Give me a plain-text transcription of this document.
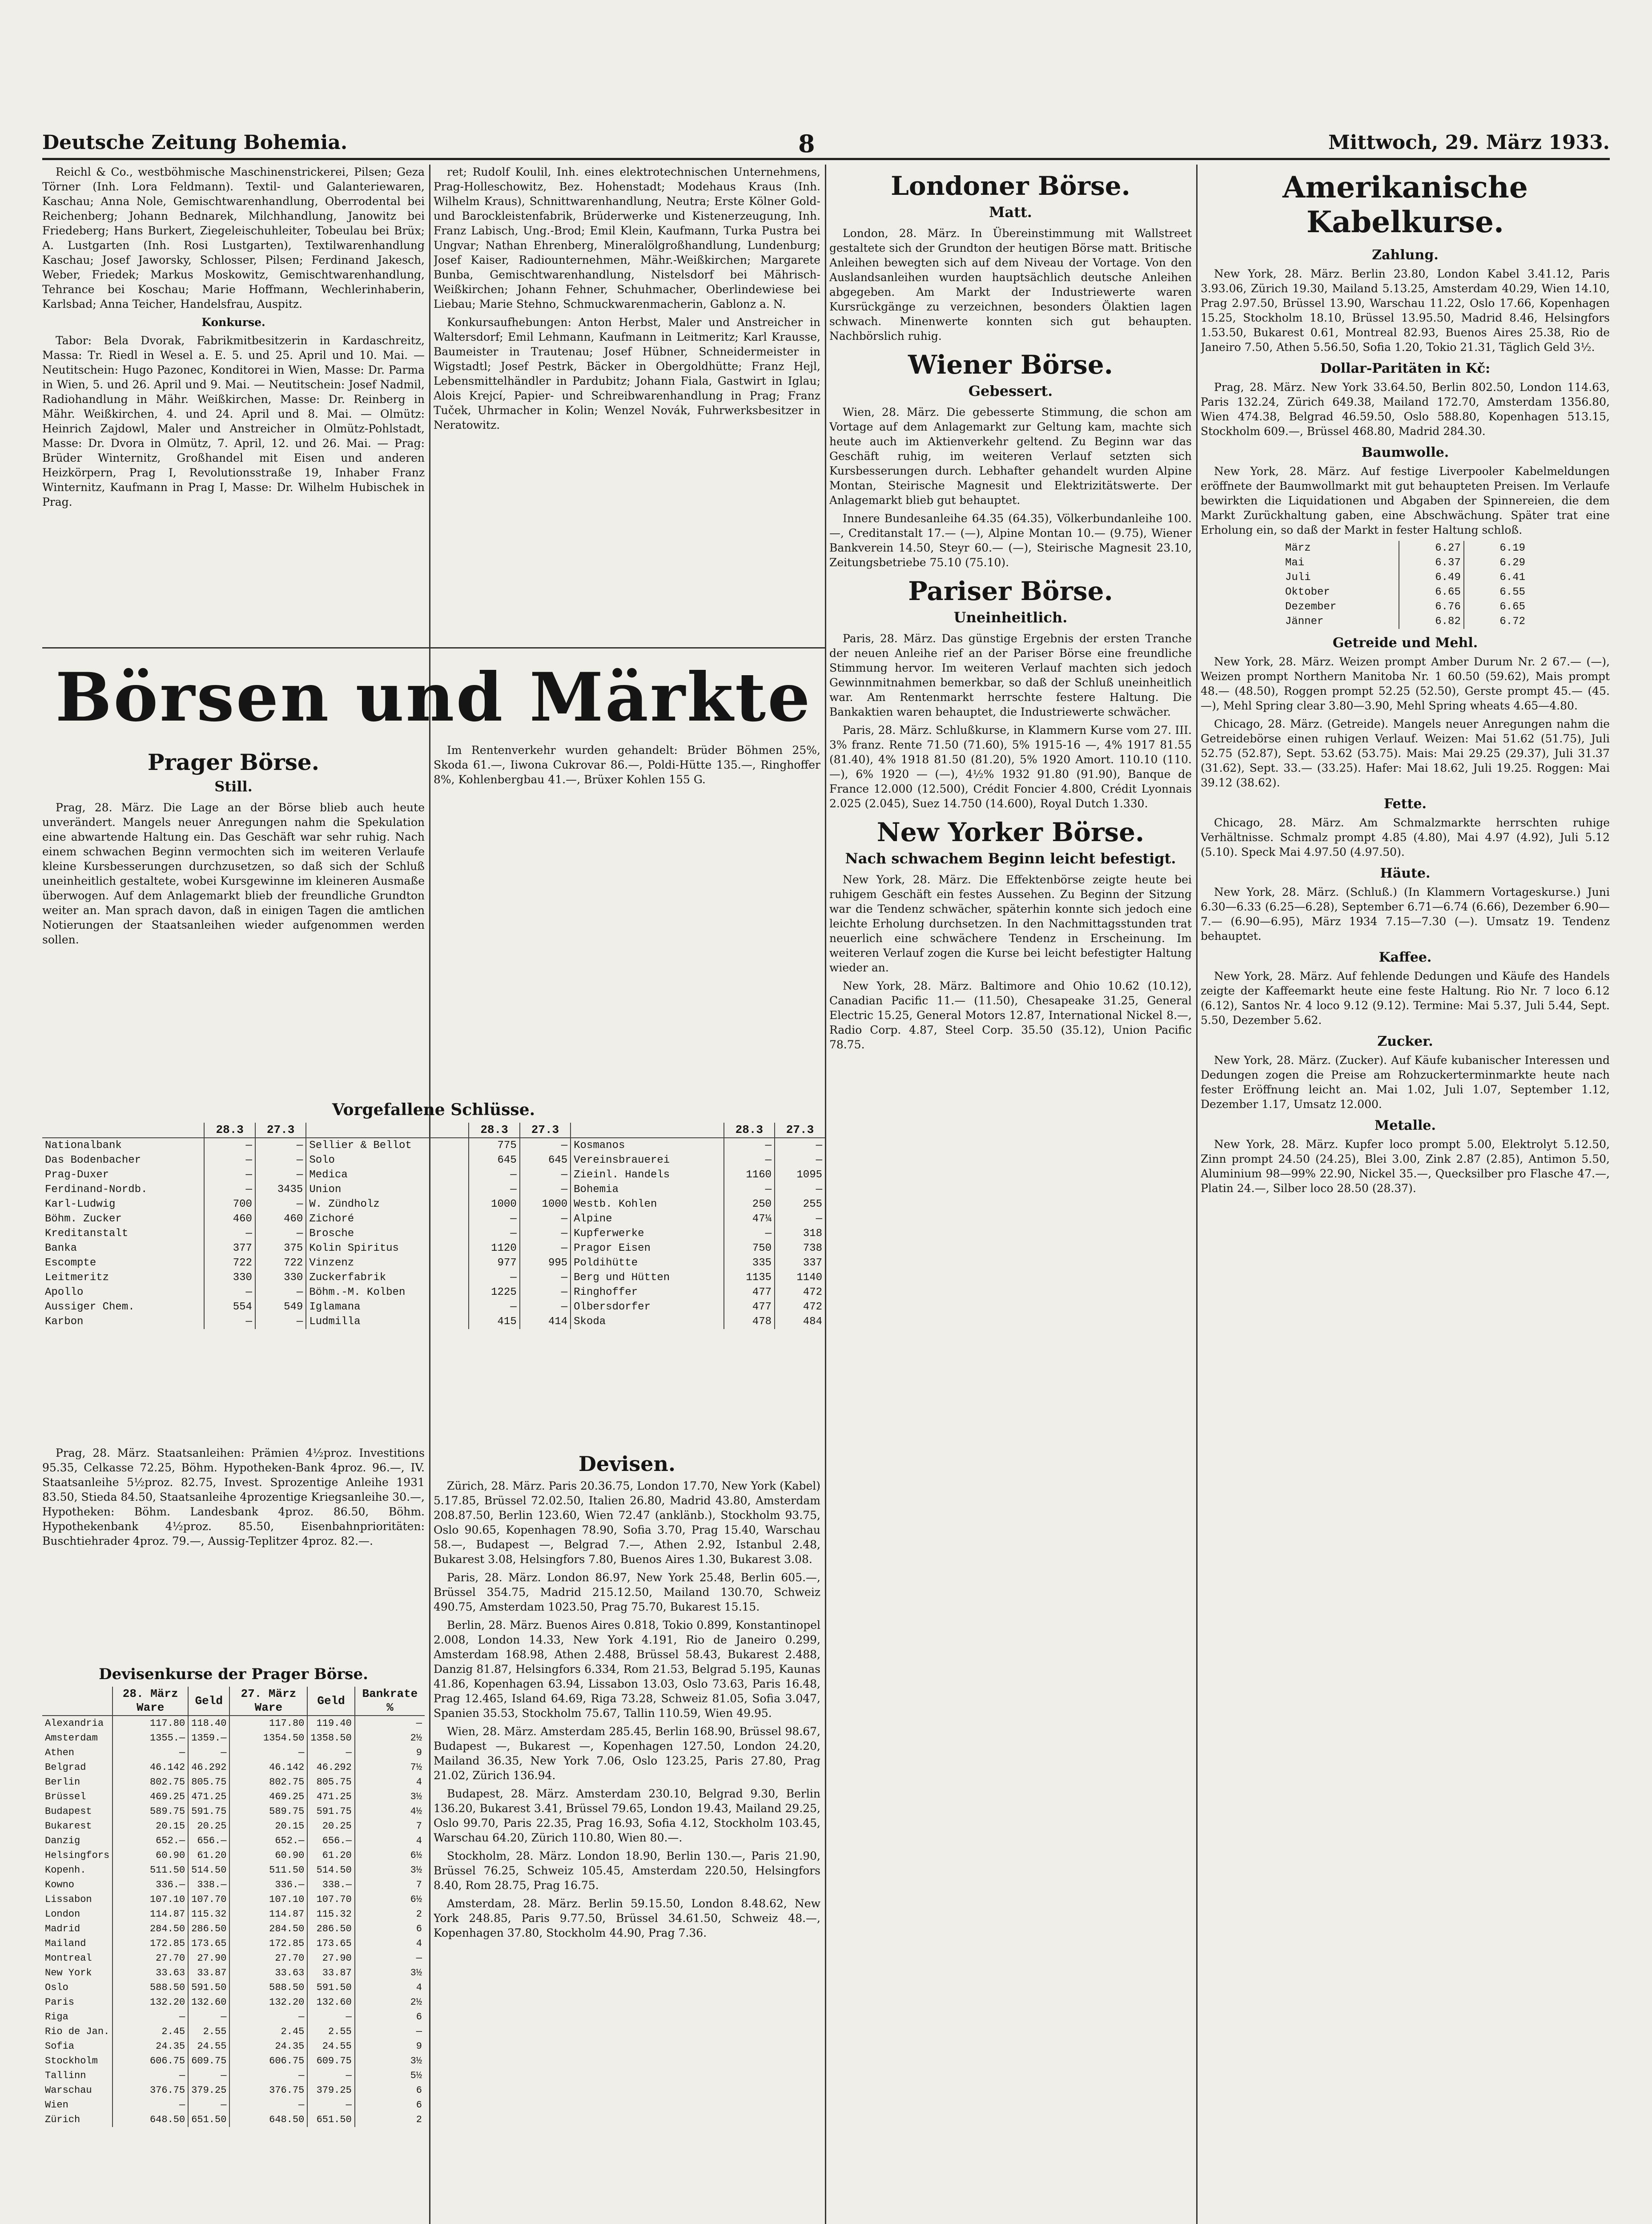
Deutsche Zeitung Bohemia.	8	Mittwoch, 29. März 1933.

Reichl & Co., westböhmische Maschinenstrickerei, Pilsen; Geza Törner (Inh. Lora Feldmann). Textil- und Galanteriewaren, Kaschau; Anna Nole, Gemischtwarenhandlung, Oberrodental bei Reichenberg; Johann Bednarek, Milchhandlung, Janowitz bei Friedeberg; Hans Burkert, Ziegeleischuhleiter, Tobeulau bei Brüx; A. Lustgarten (Inh. Rosi Lustgarten), Textilwarenhandlung Kaschau; Josef Jaworsky, Schlosser, Pilsen; Ferdinand Jakesch, Weber, Friedek; Markus Moskowitz, Gemischtwarenhandlung, Tehrance bei Koschau; Marie Hoffmann, Wechlerinhaberin, Karlsbad; Anna Teicher, Handelsfrau, Auspitz.

Konkurse.

Tabor: Bela Dvorak, Fabrikmitbesitzerin in Kardaschreitz, Massa: Tr. Riedl in Wesel a. E. 5. und 25. April und 10. Mai. — Neutitschein: Hugo Pazonec, Konditorei in Wien, Masse: Dr. Parma in Wien, 5. und 26. April und 9. Mai. — Neutitschein: Josef Nadmil, Radiohandlung in Mähr. Weißkirchen, Masse: Dr. Reinberg in Mähr. Weißkirchen, 4. und 24. April und 8. Mai. — Olmütz: Heinrich Zajdowl, Maler und Anstreicher in Olmütz-Pohlstadt, Masse: Dr. Dvora in Olmütz, 7. April, 12. und 26. Mai. — Prag: Brüder Winternitz, Großhandel mit Eisen und anderen Heizkörpern, Prag I, Revolutionsstraße 19, Inhaber Franz Winternitz, Kaufmann in Prag I, Masse: Dr. Wilhelm Hubischek in Prag.

ret; Rudolf Koulil, Inh. eines elektrotechnischen Unternehmens, Prag-Holleschowitz, Bez. Hohenstadt; Modehaus Kraus (Inh. Wilhelm Kraus), Schnittwarenhandlung, Neutra; Erste Kölner Gold- und Barockleistenfabrik, Brüderwerke und Kistenerzeugung, Inh. Franz Labisch, Ung.-Brod; Emil Klein, Kaufmann, Turka Pustra bei Ungvar; Nathan Ehrenberg, Mineralölgroßhandlung, Lundenburg; Josef Kaiser, Radiounternehmen, Mähr.-Weißkirchen; Margarete Bunba, Gemischtwarenhandlung, Nistelsdorf bei Mährisch-Weißkirchen; Johann Fehner, Schuhmacher, Oberlindewiese bei Liebau; Marie Stehno, Schmuckwarenmacherin, Gablonz a. N.

Konkursaufhebungen: Anton Herbst, Maler und Anstreicher in Waltersdorf; Emil Lehmann, Kaufmann in Leitmeritz; Karl Krausse, Baumeister in Trautenau; Josef Hübner, Schneidermeister in Wigstadtl; Josef Pestrk, Bäcker in Obergoldhütte; Franz Hejl, Lebensmittelhändler in Pardubitz; Johann Fiala, Gastwirt in Iglau; Alois Krejcí, Papier- und Schreibwarenhandlung in Prag; Franz Tuček, Uhrmacher in Kolin; Wenzel Novák, Fuhrwerksbesitzer in Neratowitz.

Börsen und Märkte
Prager Börse.
Still.

Prag, 28. März. Die Lage an der Börse blieb auch heute unverändert. Mangels neuer Anregungen nahm die Spekulation eine abwartende Haltung ein. Das Geschäft war sehr ruhig. Nach einem schwachen Beginn vermochten sich im weiteren Verlaufe kleine Kursbesserungen durchzusetzen, so daß sich der Schluß uneinheitlich gestaltete, wobei Kursgewinne im kleineren Ausmaße überwogen. Auf dem Anlagemarkt blieb der freundliche Grundton weiter an. Man sprach davon, daß in einigen Tagen die amtlichen Notierungen der Staatsanleihen wieder aufgenommen werden sollen.

Im Rentenverkehr wurden gehandelt: Brüder Böhmen 25%, Skoda 61.—, Iiwona Cukrovar 86.—, Poldi-Hütte 135.—, Ringhoffer 8%, Kohlenbergbau 41.—, Brüxer Kohlen 155 G.

Vorgefallene Schlüsse.
	28.3	27.3		28.3	27.3		28.3	27.3
Nationalbank	—	—	Sellier & Bellot	775	—	Kosmanos	—	—
Das Bodenbacher	—	—	Solo	645	645	Vereinsbrauerei	—	—
Prag-Duxer	—	—	Medica	—	—	Zieinl. Handels	1160	1095
Ferdinand-Nordb.	—	3435	Union	—	—	Bohemia	—	—
Karl-Ludwig	700	—	W. Zündholz	1000	1000	Westb. Kohlen	250	255
Böhm. Zucker	460	460	Zichoré	—	—	Alpine	47¼	—
Kreditanstalt	—	—	Brosche	—	—	Kupferwerke	—	318
Banka	377	375	Kolin Spiritus	1120	—	Pragor Eisen	750	738
Escompte	722	722	Vinzenz	977	995	Poldihütte	335	337
Leitmeritz	330	330	Zuckerfabrik	—	—	Berg und Hütten	1135	1140
Apollo	—	—	Böhm.-M. Kolben	1225	—	Ringhoffer	477	472
Aussiger Chem.	554	549	Iglamana	—	—	Olbersdorfer	477	472
Karbon	—	—	Ludmilla	415	414	Skoda	478	484

Prag, 28. März. Staatsanleihen: Prämien 4½proz. Investitions 95.35, Celkasse 72.25, Böhm. Hypotheken-Bank 4proz. 96.—, IV. Staatsanleihe 5½proz. 82.75, Invest. Sprozentige Anleihe 1931 83.50, Stieda 84.50, Staatsanleihe 4prozentige Kriegsanleihe 30.—, Hypotheken: Böhm. Landesbank 4proz. 86.50, Böhm. Hypothekenbank 4½proz. 85.50, Eisenbahnprioritäten: Buschtiehrader 4proz. 79.—, Aussig-Teplitzer 4proz. 82.—.

Devisenkurse der Prager Börse.
	28. März Ware	Geld	27. März Ware	Geld	Bankrate %
Alexandria	117.80	118.40	117.80	119.40	—
Amsterdam	1355.—	1359.—	1354.50	1358.50	2½
Athen	—	—	—	—	9
Belgrad	46.142	46.292	46.142	46.292	7½
Berlin	802.75	805.75	802.75	805.75	4
Brüssel	469.25	471.25	469.25	471.25	3½
Budapest	589.75	591.75	589.75	591.75	4½
Bukarest	20.15	20.25	20.15	20.25	7
Danzig	652.—	656.—	652.—	656.—	4
Helsingfors	60.90	61.20	60.90	61.20	6½
Kopenh.	511.50	514.50	511.50	514.50	3½
Kowno	336.—	338.—	336.—	338.—	7
Lissabon	107.10	107.70	107.10	107.70	6½
London	114.87	115.32	114.87	115.32	2
Madrid	284.50	286.50	284.50	286.50	6
Mailand	172.85	173.65	172.85	173.65	4
Montreal	27.70	27.90	27.70	27.90	—
New York	33.63	33.87	33.63	33.87	3½
Oslo	588.50	591.50	588.50	591.50	4
Paris	132.20	132.60	132.20	132.60	2½
Riga	—	—	—	—	6
Rio de Jan.	2.45	2.55	2.45	2.55	—
Sofia	24.35	24.55	24.35	24.55	9
Stockholm	606.75	609.75	606.75	609.75	3½
Tallinn	—	—	—	—	5½
Warschau	376.75	379.25	376.75	379.25	6
Wien	—	—	—	—	6
Zürich	648.50	651.50	648.50	651.50	2

Devisen.

Zürich, 28. März. Paris 20.36.75, London 17.70, New York (Kabel) 5.17.85, Brüssel 72.02.50, Italien 26.80, Madrid 43.80, Amsterdam 208.87.50, Berlin 123.60, Wien 72.47 (anklänb.), Stockholm 93.75, Oslo 90.65, Kopenhagen 78.90, Sofia 3.70, Prag 15.40, Warschau 58.—, Budapest —, Belgrad 7.—, Athen 2.92, Istanbul 2.48, Bukarest 3.08, Helsingfors 7.80, Buenos Aires 1.30, Bukarest 3.08.

Paris, 28. März. London 86.97, New York 25.48, Berlin 605.—, Brüssel 354.75, Madrid 215.12.50, Mailand 130.70, Schweiz 490.75, Amsterdam 1023.50, Prag 75.70, Bukarest 15.15.

Berlin, 28. März. Buenos Aires 0.818, Tokio 0.899, Konstantinopel 2.008, London 14.33, New York 4.191, Rio de Janeiro 0.299, Amsterdam 168.98, Athen 2.488, Brüssel 58.43, Bukarest 2.488, Danzig 81.87, Helsingfors 6.334, Rom 21.53, Belgrad 5.195, Kaunas 41.86, Kopenhagen 63.94, Lissabon 13.03, Oslo 73.63, Paris 16.48, Prag 12.465, Island 64.69, Riga 73.28, Schweiz 81.05, Sofia 3.047, Spanien 35.53, Stockholm 75.67, Tallin 110.59, Wien 49.95.

Wien, 28. März. Amsterdam 285.45, Berlin 168.90, Brüssel 98.67, Budapest —, Bukarest —, Kopenhagen 127.50, London 24.20, Mailand 36.35, New York 7.06, Oslo 123.25, Paris 27.80, Prag 21.02, Zürich 136.94.

Budapest, 28. März. Amsterdam 230.10, Belgrad 9.30, Berlin 136.20, Bukarest 3.41, Brüssel 79.65, London 19.43, Mailand 29.25, Oslo 99.70, Paris 22.35, Prag 16.93, Sofia 4.12, Stockholm 103.45, Warschau 64.20, Zürich 110.80, Wien 80.—.

Stockholm, 28. März. London 18.90, Berlin 130.—, Paris 21.90, Brüssel 76.25, Schweiz 105.45, Amsterdam 220.50, Helsingfors 8.40, Rom 28.75, Prag 16.75.

Amsterdam, 28. März. Berlin 59.15.50, London 8.48.62, New York 248.85, Paris 9.77.50, Brüssel 34.61.50, Schweiz 48.—, Kopenhagen 37.80, Stockholm 44.90, Prag 7.36.

Londoner Börse.
Matt.

London, 28. März. In Übereinstimmung mit Wallstreet gestaltete sich der Grundton der heutigen Börse matt. Britische Anleihen bewegten sich auf dem Niveau der Vortage. Von den Auslandsanleihen wurden hauptsächlich deutsche Anleihen abgegeben. Am Markt der Industriewerte waren Kursrückgänge zu verzeichnen, besonders Ölaktien lagen schwach. Minenwerte konnten sich gut behaupten. Nachbörslich ruhig.

Wiener Börse.
Gebessert.

Wien, 28. März. Die gebesserte Stimmung, die schon am Vortage auf dem Anlagemarkt zur Geltung kam, machte sich heute auch im Aktienverkehr geltend. Zu Beginn war das Geschäft ruhig, im weiteren Verlauf setzten sich Kursbesserungen durch. Lebhafter gehandelt wurden Alpine Montan, Steirische Magnesit und Elektrizitätswerte. Der Anlagemarkt blieb gut behauptet.

Innere Bundesanleihe 64.35 (64.35), Völkerbundanleihe 100.—, Creditanstalt 17.— (—), Alpine Montan 10.— (9.75), Wiener Bankverein 14.50, Steyr 60.— (—), Steirische Magnesit 23.10, Zeitungsbetriebe 75.10 (75.10).

Pariser Börse.
Uneinheitlich.

Paris, 28. März. Das günstige Ergebnis der ersten Tranche der neuen Anleihe rief an der Pariser Börse eine freundliche Stimmung hervor. Im weiteren Verlauf machten sich jedoch Gewinnmitnahmen bemerkbar, so daß der Schluß uneinheitlich war. Am Rentenmarkt herrschte festere Haltung. Die Bankaktien waren behauptet, die Industriewerte schwächer.

Paris, 28. März. Schlußkurse, in Klammern Kurse vom 27. III. 3% franz. Rente 71.50 (71.60), 5% 1915-16 —, 4% 1917 81.55 (81.40), 4% 1918 81.50 (81.20), 5% 1920 Amort. 110.10 (110.—), 6% 1920 — (—), 4½% 1932 91.80 (91.90), Banque de France 12.000 (12.500), Crédit Foncier 4.800, Crédit Lyonnais 2.025 (2.045), Suez 14.750 (14.600), Royal Dutch 1.330.

New Yorker Börse.
Nach schwachem Beginn leicht befestigt.

New York, 28. März. Die Effektenbörse zeigte heute bei ruhigem Geschäft ein festes Aussehen. Zu Beginn der Sitzung war die Tendenz schwächer, späterhin konnte sich jedoch eine leichte Erholung durchsetzen. In den Nachmittagsstunden trat neuerlich eine schwächere Tendenz in Erscheinung. Im weiteren Verlauf zogen die Kurse bei leicht befestigter Haltung wieder an.

New York, 28. März. Baltimore and Ohio 10.62 (10.12), Canadian Pacific 11.— (11.50), Chesapeake 31.25, General Electric 15.25, General Motors 12.87, International Nickel 8.—, Radio Corp. 4.87, Steel Corp. 35.50 (35.12), Union Pacific 78.75.

Amerikanische Kabelkurse.
Zahlung.

New York, 28. März. Berlin 23.80, London Kabel 3.41.12, Paris 3.93.06, Zürich 19.30, Mailand 5.13.25, Amsterdam 40.29, Wien 14.10, Prag 2.97.50, Brüssel 13.90, Warschau 11.22, Oslo 17.66, Kopenhagen 15.25, Stockholm 18.10, Brüssel 13.95.50, Madrid 8.46, Helsingfors 1.53.50, Bukarest 0.61, Montreal 82.93, Buenos Aires 25.38, Rio de Janeiro 7.50, Athen 5.56.50, Sofia 1.20, Tokio 21.31, Täglich Geld 3½.

Dollar-Paritäten in Kč:

Prag, 28. März. New York 33.64.50, Berlin 802.50, London 114.63, Paris 132.24, Zürich 649.38, Mailand 172.70, Amsterdam 1356.80, Wien 474.38, Belgrad 46.59.50, Oslo 588.80, Kopenhagen 513.15, Stockholm 609.—, Brüssel 468.80, Madrid 284.30.

Baumwolle.

New York, 28. März. Auf festige Liverpooler Kabelmeldungen eröffnete der Baumwollmarkt mit gut behaupteten Preisen. Im Verlaufe bewirkten die Liquidationen und Abgaben der Spinnereien, die dem Markt Zurückhaltung gaben, eine Abschwächung. Später trat eine Erholung ein, so daß der Markt in fester Haltung schloß.

März	6.27	6.19
Mai	6.37	6.29
Juli	6.49	6.41
Oktober	6.65	6.55
Dezember	6.76	6.65
Jänner	6.82	6.72
Getreide und Mehl.

New York, 28. März. Weizen prompt Amber Durum Nr. 2 67.— (—), Weizen prompt Northern Manitoba Nr. 1 60.50 (59.62), Mais prompt 48.— (48.50), Roggen prompt 52.25 (52.50), Gerste prompt 45.— (45.—), Mehl Spring clear 3.80—3.90, Mehl Spring wheats 4.65—4.80.

Chicago, 28. März. (Getreide). Mangels neuer Anregungen nahm die Getreidebörse einen ruhigen Verlauf. Weizen: Mai 51.62 (51.75), Juli 52.75 (52.87), Sept. 53.62 (53.75). Mais: Mai 29.25 (29.37), Juli 31.37 (31.62), Sept. 33.— (33.25). Hafer: Mai 18.62, Juli 19.25. Roggen: Mai 39.12 (38.62).

Fette.

Chicago, 28. März. Am Schmalzmarkte herrschten ruhige Verhältnisse. Schmalz prompt 4.85 (4.80), Mai 4.97 (4.92), Juli 5.12 (5.10). Speck Mai 4.97.50 (4.97.50).

Häute.

New York, 28. März. (Schluß.) (In Klammern Vortageskurse.) Juni 6.30—6.33 (6.25—6.28), September 6.71—6.74 (6.66), Dezember 6.90—7.— (6.90—6.95), März 1934 7.15—7.30 (—). Umsatz 19. Tendenz behauptet.

Kaffee.

New York, 28. März. Auf fehlende Dedungen und Käufe des Handels zeigte der Kaffeemarkt heute eine feste Haltung. Rio Nr. 7 loco 6.12 (6.12), Santos Nr. 4 loco 9.12 (9.12). Termine: Mai 5.37, Juli 5.44, Sept. 5.50, Dezember 5.62.

Zucker.

New York, 28. März. (Zucker). Auf Käufe kubanischer Interessen und Dedungen zogen die Preise am Rohzuckerterminmarkte heute nach fester Eröffnung leicht an. Mai 1.02, Juli 1.07, September 1.12, Dezember 1.17, Umsatz 12.000.

Metalle.

New York, 28. März. Kupfer loco prompt 5.00, Elektrolyt 5.12.50, Zinn prompt 24.50 (24.25), Blei 3.00, Zink 2.87 (2.85), Antimon 5.50, Aluminium 98—99% 22.90, Nickel 35.—, Quecksilber pro Flasche 47.—, Platin 24.—, Silber loco 28.50 (28.37).
